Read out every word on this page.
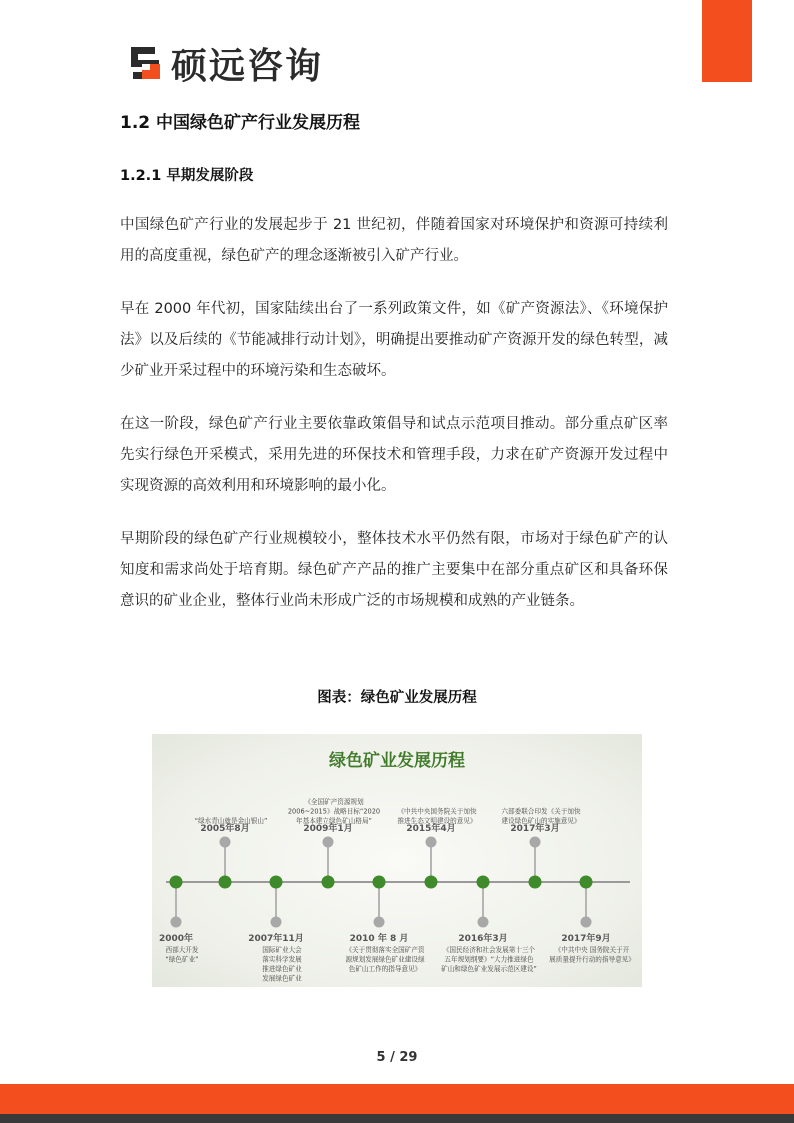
硕远咨询
1.2 中国绿色矿产行业发展历程
1.2.1 早期发展阶段

中国绿色矿产行业的发展起步于 21 世纪初，伴随着国家对环境保护和资源可持续利用的高度重视，绿色矿产的理念逐渐被引入矿产行业。

早在 2000 年代初，国家陆续出台了一系列政策文件，如《矿产资源法》、《环境保护法》以及后续的《节能减排行动计划》，明确提出要推动矿产资源开发的绿色转型，减少矿业开采过程中的环境污染和生态破坏。

在这一阶段，绿色矿产行业主要依靠政策倡导和试点示范项目推动。部分重点矿区率先实行绿色开采模式，采用先进的环保技术和管理手段，力求在矿产资源开发过程中实现资源的高效利用和环境影响的最小化。

早期阶段的绿色矿产行业规模较小，整体技术水平仍然有限，市场对于绿色矿产的认知度和需求尚处于培育期。绿色矿产产品的推广主要集中在部分重点矿区和具备环保意识的矿业企业，整体行业尚未形成广泛的市场规模和成熟的产业链条。

图表：绿色矿业发展历程
绿色矿业发展历程
2000年
西部大开发
“绿色矿业”
2005年8月
“绿水青山就是金山银山”
2007年11月
国际矿业大会
落实科学发展
推进绿色矿业
发展绿色矿业
2009年1月
《全国矿产资源规划
2006~2015》战略目标“2020
年基本建立绿色矿山格局”
2010 年 8 月
《关于贯彻落实全国矿产资
源规划发展绿色矿业建设绿
色矿山工作的指导意见》
2015年4月
《中共中央国务院关于加快
推进生态文明建设的意见》
2016年3月
《国民经济和社会发展第十三个
五年规划纲要》“大力推进绿色
矿山和绿色矿业发展示范区建设”
2017年3月
六部委联合印发《关于加快
建设绿色矿山的实施意见》
2017年9月
《中共中央 国务院关于开
展质量提升行动的指导意见》
5 / 29
